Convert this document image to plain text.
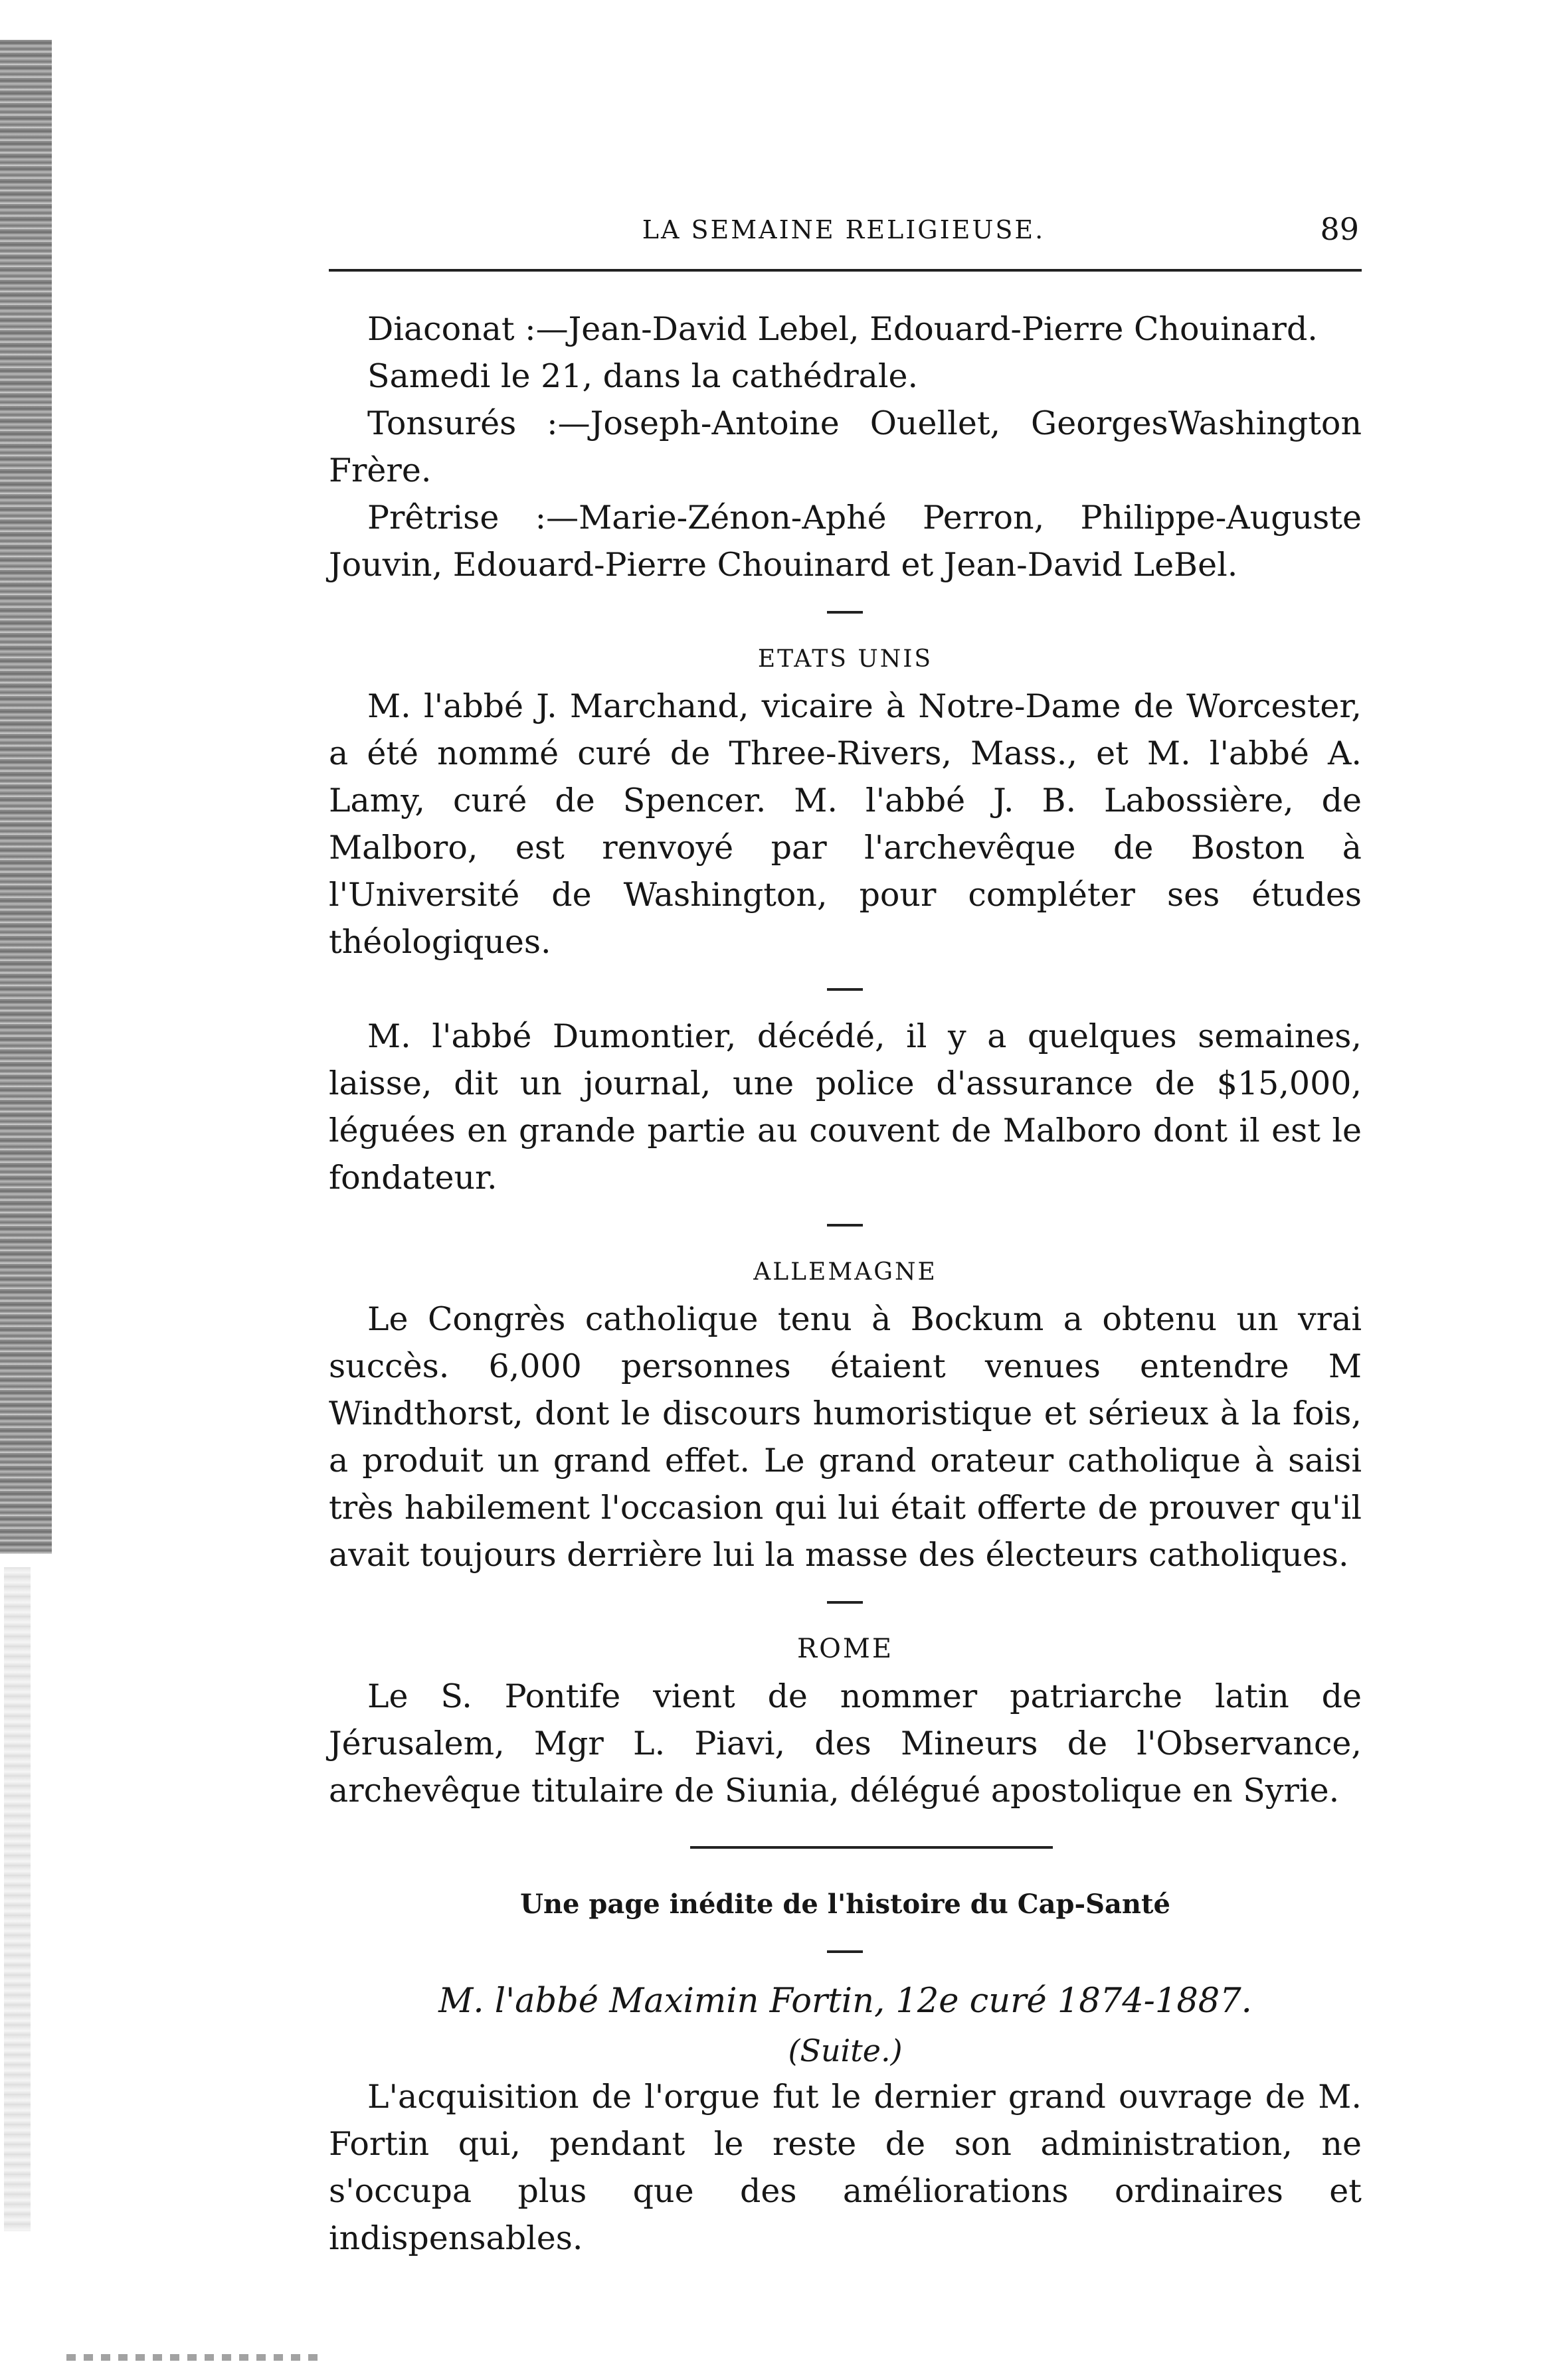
LA SEMAINE RELIGIEUSE.	89

Diaconat :—Jean-David Lebel, Edouard-Pierre Chouinard.

Samedi le 21, dans la cathédrale.

Tonsurés :—Joseph-Antoine Ouellet, GeorgesWashington Frère.

Prêtrise :—Marie-Zénon-Aphé Perron, Philippe-Auguste Jouvin, Edouard-Pierre Chouinard et Jean-David LeBel.

ETATS UNIS

M. l'abbé J. Marchand, vicaire à Notre-Dame de Worcester, a été nommé curé de Three-Rivers, Mass., et M. l'abbé A. Lamy, curé de Spencer. M. l'abbé J. B. Labossière, de Malboro, est renvoyé par l'archevêque de Boston à l'Université de Washington, pour compléter ses études théologiques.

M. l'abbé Dumontier, décédé, il y a quelques semaines, laisse, dit un journal, une police d'assurance de $15,000, léguées en grande partie au couvent de Malboro dont il est le fondateur.

ALLEMAGNE

Le Congrès catholique tenu à Bockum a obtenu un vrai succès. 6,000 personnes étaient venues entendre M Windthorst, dont le discours humoristique et sérieux à la fois, a produit un grand effet. Le grand orateur catholique à saisi très habilement l'occasion qui lui était offerte de prouver qu'il avait toujours derrière lui la masse des électeurs catholiques.

ROME

Le S. Pontife vient de nommer patriarche latin de Jérusalem, Mgr L. Piavi, des Mineurs de l'Observance, archevêque titulaire de Siunia, délégué apostolique en Syrie.

Une page inédite de l'histoire du Cap-Santé

M. l'abbé Maximin Fortin, 12e curé 1874-1887.

(Suite.)

L'acquisition de l'orgue fut le dernier grand ouvrage de M. Fortin qui, pendant le reste de son administration, ne s'occupa plus que des améliorations ordinaires et indispensables.
